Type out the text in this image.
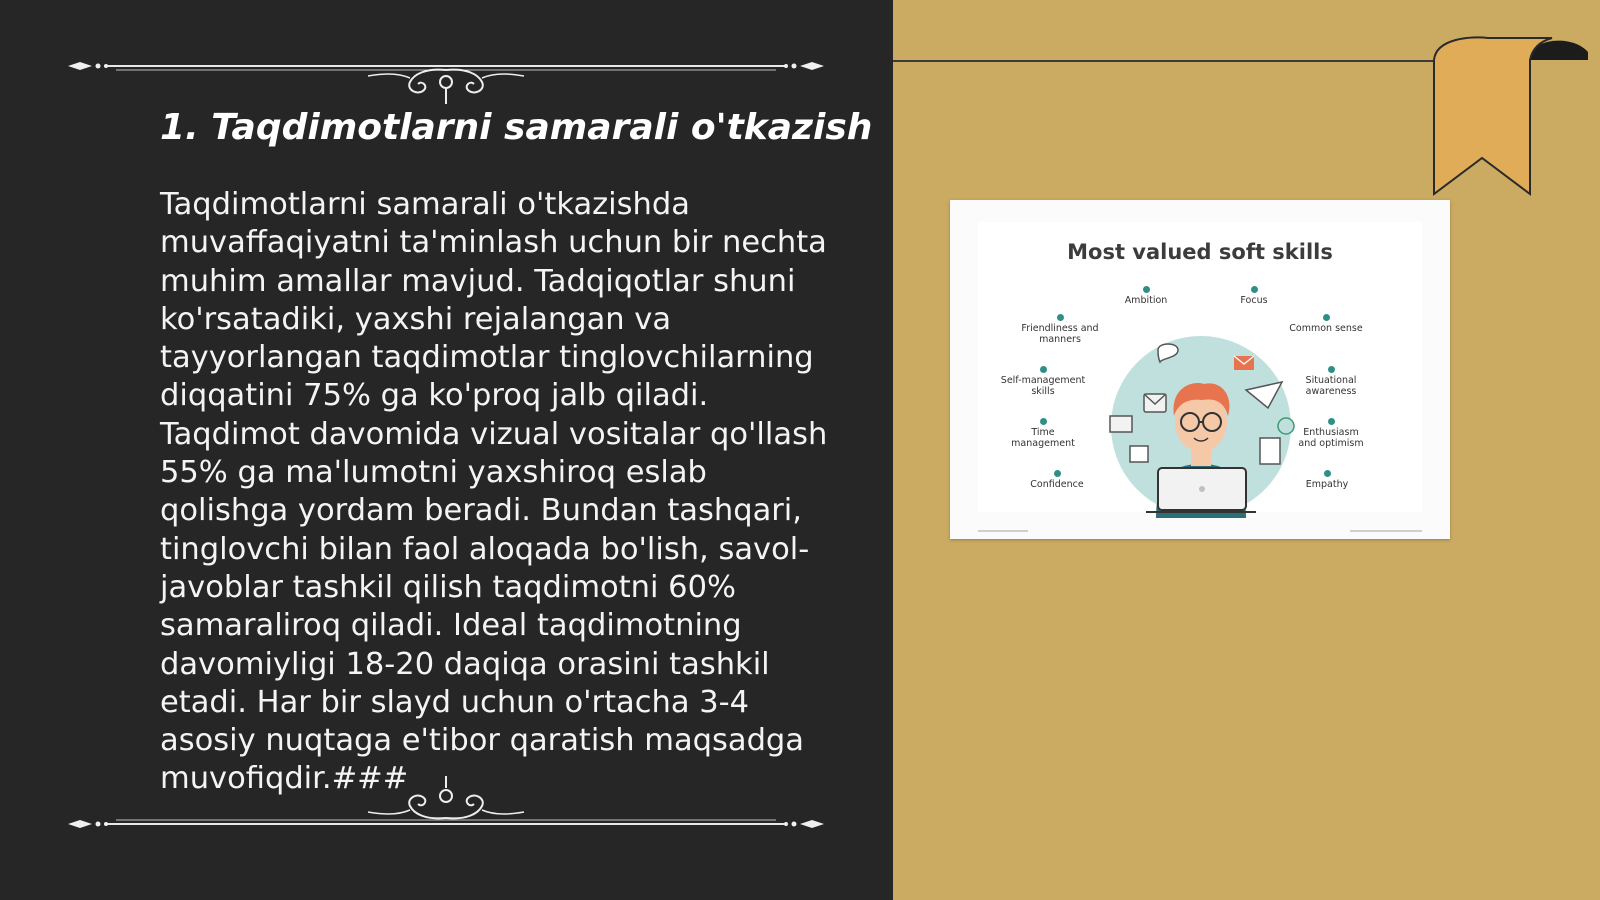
1. Taqdimotlarni samarali o'tkazish

Taqdimotlarni samarali o'tkazishda muvaffaqiyatni ta'minlash uchun bir nechta muhim amallar mavjud. Tadqiqotlar shuni ko'rsatadiki, yaxshi rejalangan va tayyorlangan taqdimotlar tinglovchilarning diqqatini 75% ga ko'proq jalb qiladi. Taqdimot davomida vizual vositalar qo'llash 55% ga ma'lumotni yaxshiroq eslab qolishga yordam beradi. Bundan tashqari, tinglovchi bilan faol aloqada bo'lish, savol-javoblar tashkil qilish taqdimotni 60% samaraliroq qiladi. Ideal taqdimotning davomiyligi 18-20 daqiqa orasini tashkil etadi. Har bir slayd uchun o'rtacha 3-4 asosiy nuqtaga e'tibor qaratish maqsadga muvofiqdir.###

Most valued soft skills
Ambition	Focus
Friendliness and manners
Common sense
Self-management skills
Situational awareness
Time management
Enthusiasm and optimism
Confidence	Empathy
